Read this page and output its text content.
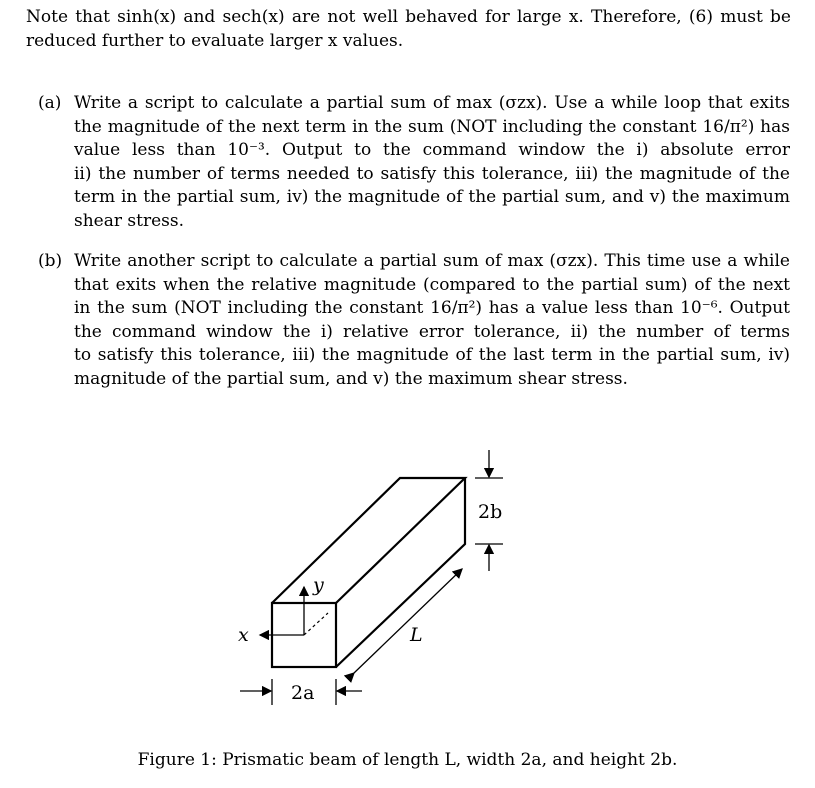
Note that sinh(x) and sech(x) are not well behaved for large x. Therefore, (6) must be
reduced further to evaluate larger x values.
(a) Write a script to calculate a partial sum of max (σzx). Use a while loop that exits
the magnitude of the next term in the sum (NOT including the constant 16/π²) has
value less than 10⁻³. Output to the command window the i) absolute error
ii) the number of terms needed to satisfy this tolerance, iii) the magnitude of the
term in the partial sum, iv) the magnitude of the partial sum, and v) the maximum
shear stress.
(b) Write another script to calculate a partial sum of max (σzx). This time use a while
that exits when the relative magnitude (compared to the partial sum) of the next
in the sum (NOT including the constant 16/π²) has a value less than 10⁻⁶. Output
the command window the i) relative error tolerance, ii) the number of terms
to satisfy this tolerance, iii) the magnitude of the last term in the partial sum, iv)
magnitude of the partial sum, and v) the maximum shear stress.
y
x	L
2a
2b
Figure 1: Prismatic beam of length L, width 2a, and height 2b.
